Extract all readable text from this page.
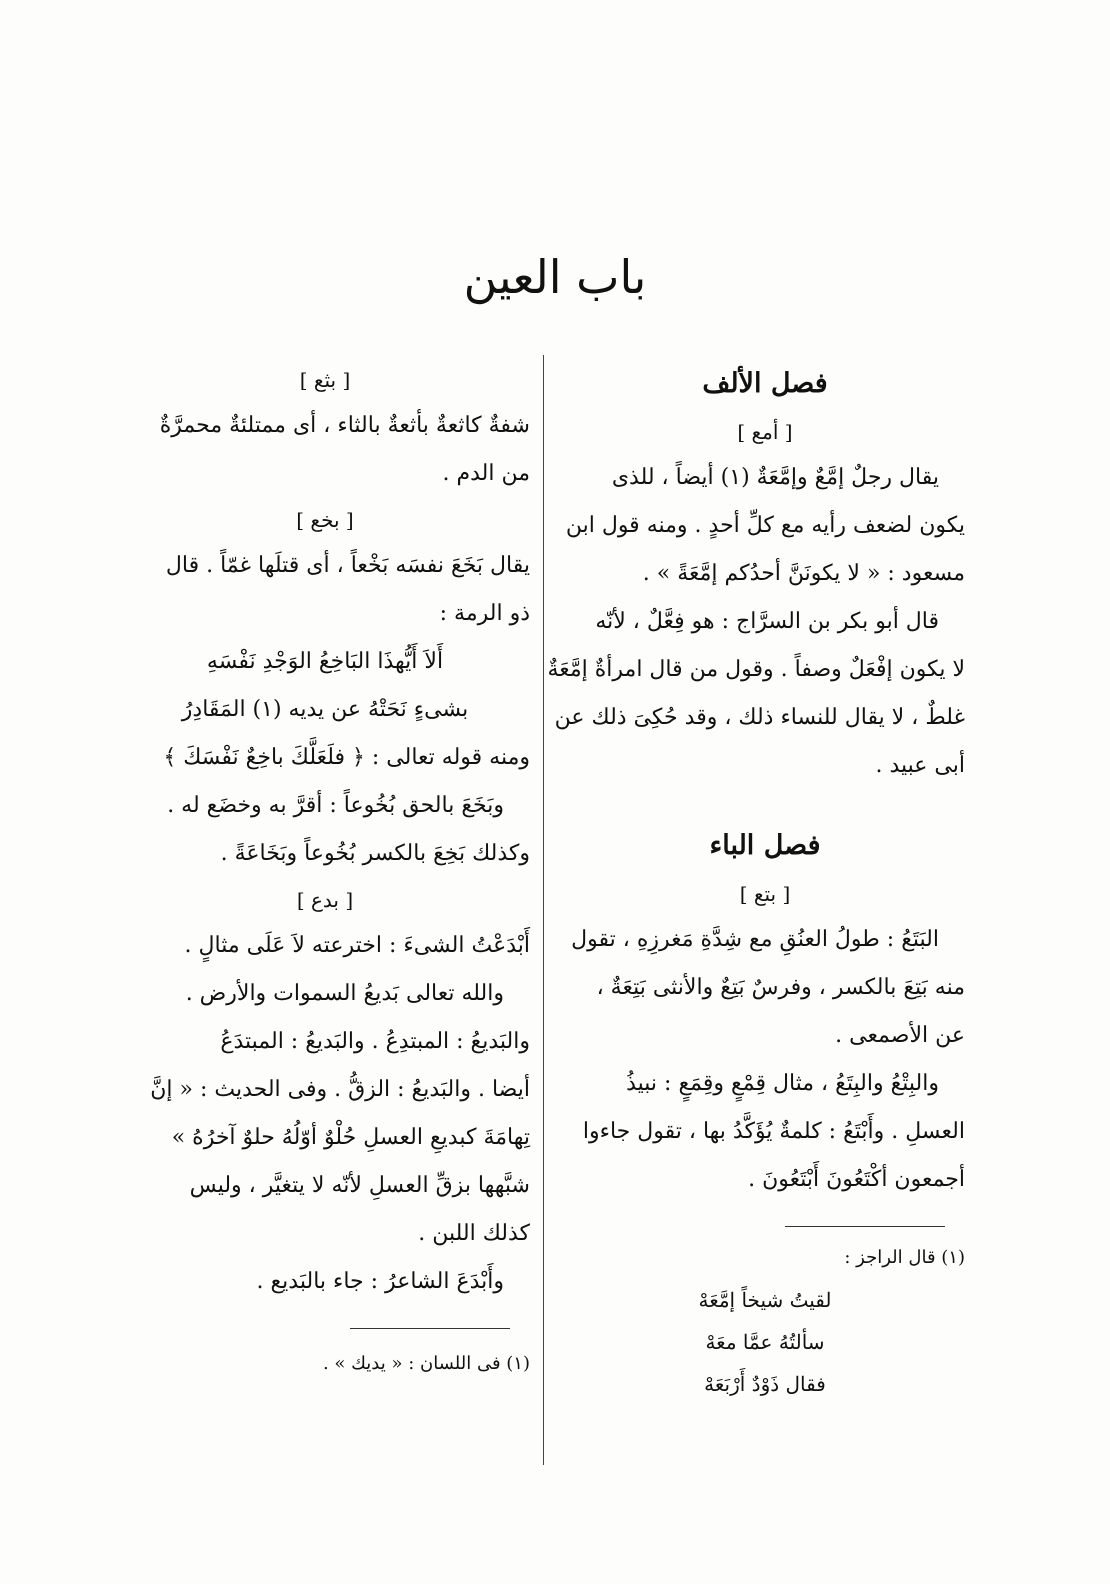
باب العين
فصل الألف
[ أمع ]
يقال رجلٌ إمَّعٌ وإمَّعَةٌ (١) أيضاً ، للذى
يكون لضعف رأيه مع كلِّ أحدٍ . ومنه قول ابن
مسعود : « لا يكونَنَّ أحدُكم إمَّعَةً » .
قال أبو بكر بن السرَّاج : هو فِعَّلٌ ، لأنّه
لا يكون إفْعَلٌ وصفاً . وقول من قال امرأةٌ إمَّعَةٌ
غلطٌ ، لا يقال للنساء ذلك ، وقد حُكِىَ ذلك عن
أبى عبيد .
فصل الباء
[ بتع ]
البَتَعُ : طولُ العنُقِ مع شِدَّةِ مَغرزِهِ ، تقول
منه بَتِعَ بالكسر ، وفرسٌ بَتِعٌ والأنثى بَتِعَةٌ ،
عن الأصمعى .
والبِتْعُ والبِتَعُ ، مثال قِمْعٍ وقِمَعٍ : نبيذُ
العسلِ . وأَبْتَعُ : كلمةٌ يُؤَكَّدُ بها ، تقول جاءوا
أجمعون أكْتَعُونَ أَبْتَعُونَ .
(١) قال الراجز :
لقيتُ شيخاً إمَّعَهْ
سألتُهُ عمَّا معَهْ
فقال ذَوْدٌ أَرْبَعَهْ
[ بثع ]
شفةٌ كاثعةٌ بأثعةٌ بالثاء ، أى ممتلئةٌ محمرَّةٌ
من الدم .
[ بخع ]
يقال بَخَعَ نفسَه بَخْعاً ، أى قتلَها غمّاً . قال
ذو الرمة :
أَلاَ أَيُّهذَا البَاخِعُ الوَجْدِ نَفْسَهِ
بشىءٍ نَحَتْهُ عن يديه (١) المَقَادِرُ
ومنه قوله تعالى : ﴿ فلَعَلَّكَ باخِعٌ نَفْسَكَ ﴾
وبَخَعَ بالحق بُخُوعاً : أقرَّ به وخضَع له .
وكذلك بَخِعَ بالكسر بُخُوعاً وبَخَاعَةً .
[ بدع ]
أَبْدَعْتُ الشىءَ : اخترعته لاَ عَلَى مثالٍ .
والله تعالى بَديعُ السموات والأرض .
والبَديعُ : المبتدِعُ . والبَديعُ : المبتدَعُ
أيضا . والبَديعُ : الزقُّ . وفى الحديث : « إنَّ
تِهامَةَ كبديعِ العسلِ حُلْوٌ أوّلُهُ حلوٌ آخرُهُ »
شبَّهها بزقِّ العسلِ لأنّه لا يتغيَّر ، وليس
كذلك اللبن .
وأَبْدَعَ الشاعرُ : جاء بالبَديع .
(١) فى اللسان : « يديك » .
